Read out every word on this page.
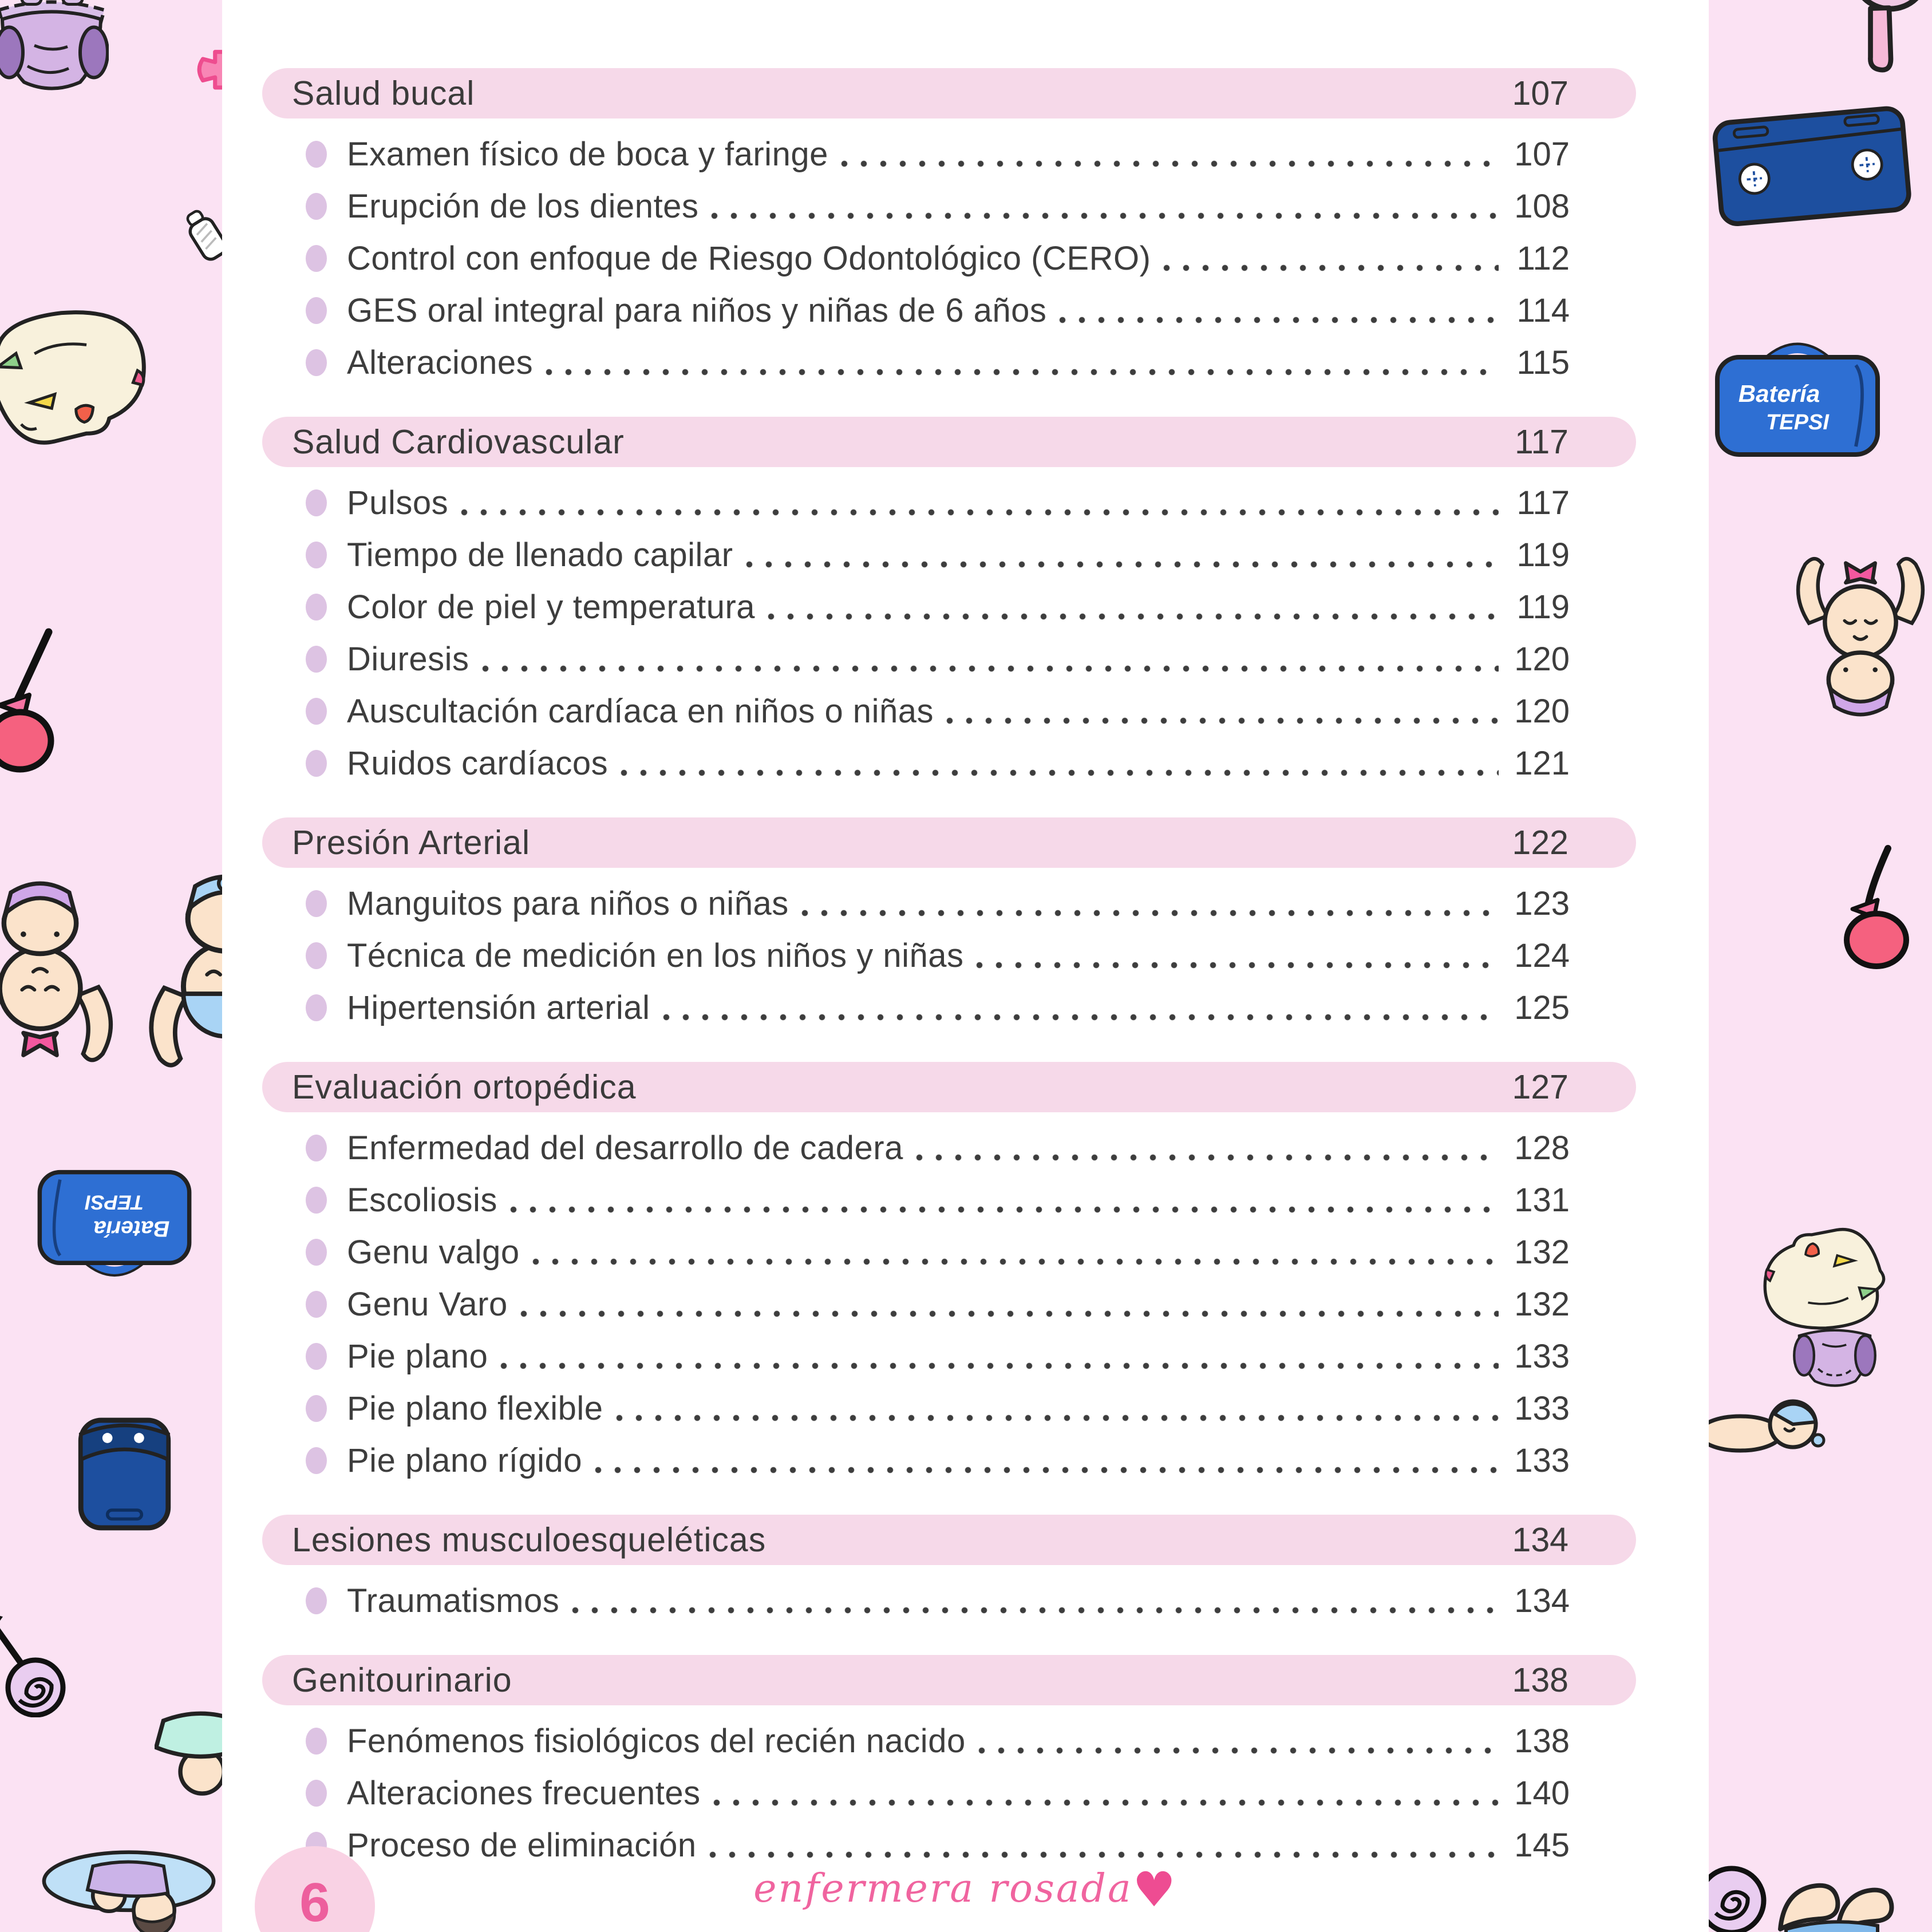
Batería
TEPSI
Batería
TEPSI
Salud bucal	107
Examen físico de boca y faringe	107
Erupción de los dientes	108
Control con enfoque de Riesgo Odontológico (CERO)	112
GES oral integral para niños y niñas de 6 años	114
Alteraciones	115
Salud Cardiovascular	117
Pulsos	117
Tiempo de llenado capilar	119
Color de piel y temperatura	119
Diuresis	120
Auscultación cardíaca en niños o niñas	120
Ruidos cardíacos	121
Presión Arterial	122
Manguitos para niños o niñas	123
Técnica de medición en los niños y niñas	124
Hipertensión arterial	125
Evaluación ortopédica	127
Enfermedad del desarrollo de cadera	128
Escoliosis	131
Genu valgo	132
Genu Varo	132
Pie plano	133
Pie plano flexible	133
Pie plano rígido	133
Lesiones musculoesqueléticas	134
Traumatismos	134
Genitourinario	138
Fenómenos fisiológicos del recién nacido	138
Alteraciones frecuentes	140
Proceso de eliminación	145
6	enfermera rosada♥
